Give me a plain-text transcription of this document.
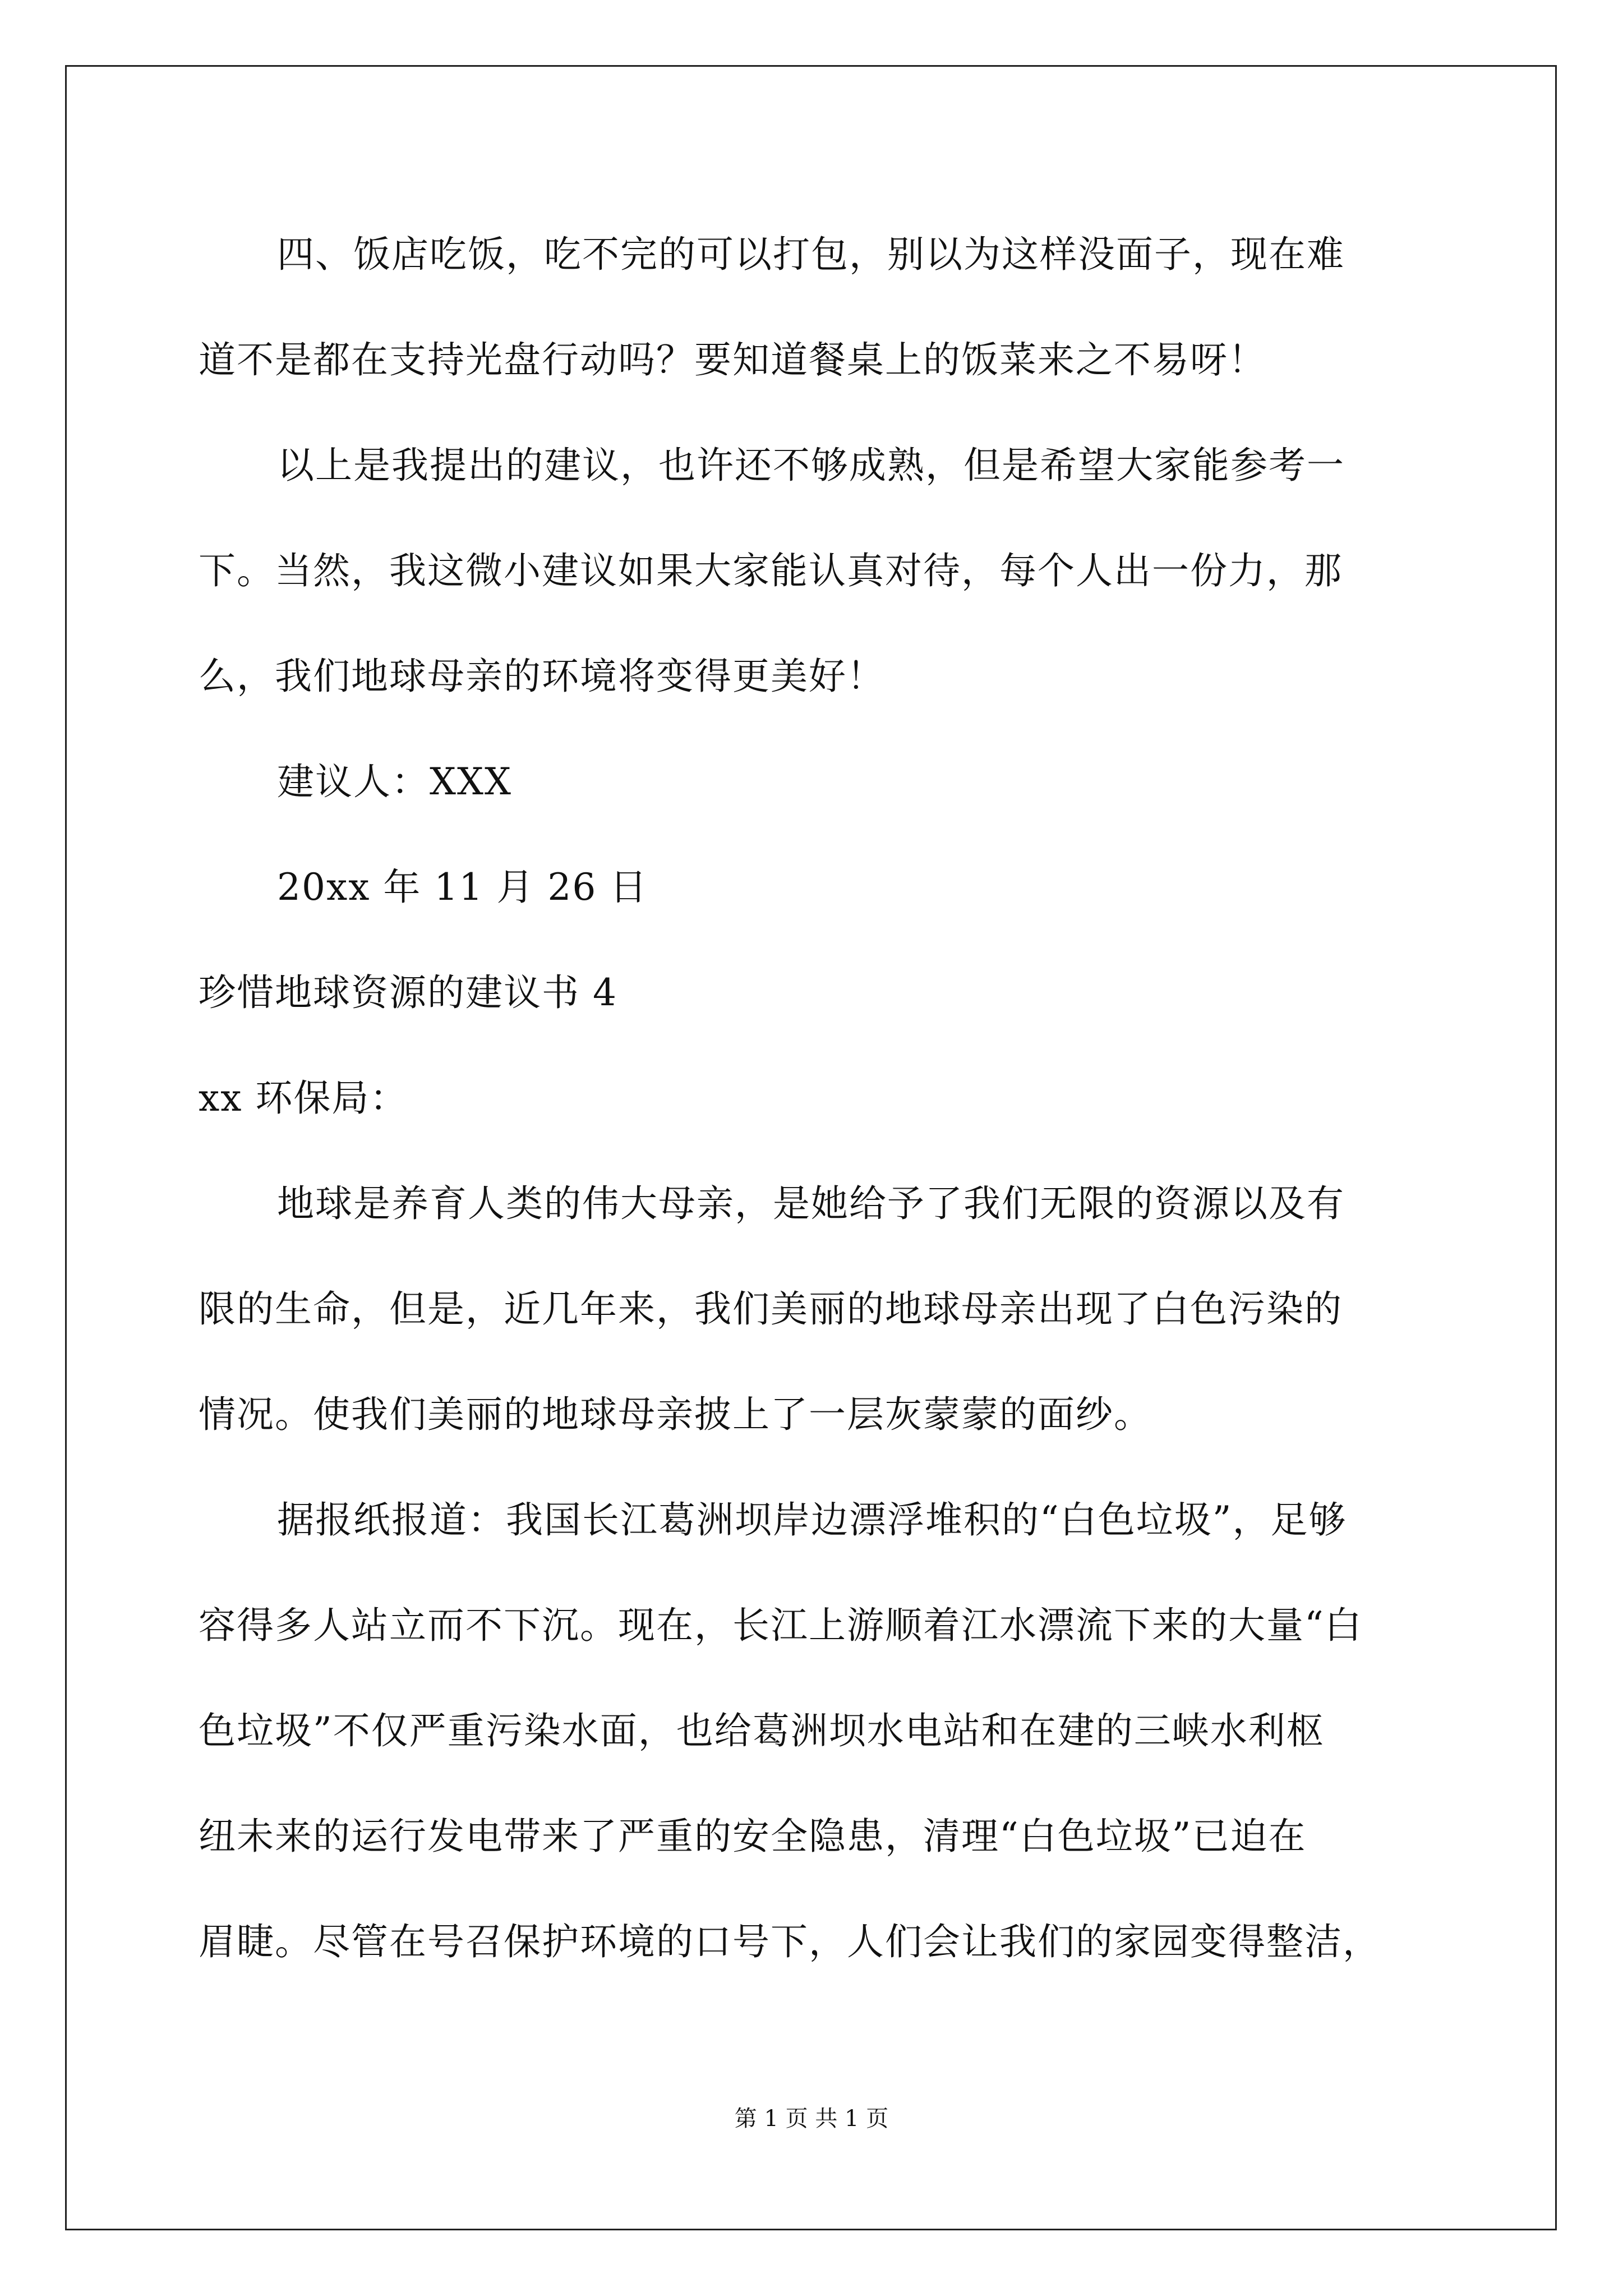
四、饭店吃饭，吃不完的可以打包，别以为这样没面子，现在难
道不是都在支持光盘行动吗？要知道餐桌上的饭菜来之不易呀！
以上是我提出的建议，也许还不够成熟，但是希望大家能参考一
下。当然，我这微小建议如果大家能认真对待，每个人出一份力，那
么，我们地球母亲的环境将变得更美好！
建议人：XXX
20xx 年 11 月 26 日
珍惜地球资源的建议书 4
xx 环保局：
地球是养育人类的伟大母亲，是她给予了我们无限的资源以及有
限的生命，但是，近几年来，我们美丽的地球母亲出现了白色污染的
情况。使我们美丽的地球母亲披上了一层灰蒙蒙的面纱。
据报纸报道：我国长江葛洲坝岸边漂浮堆积的“白色垃圾”，足够
容得多人站立而不下沉。现在，长江上游顺着江水漂流下来的大量“白
色垃圾”不仅严重污染水面，也给葛洲坝水电站和在建的三峡水利枢
纽未来的运行发电带来了严重的安全隐患，清理“白色垃圾”已迫在
眉睫。尽管在号召保护环境的口号下，人们会让我们的家园变得整洁，
第 1 页 共 1 页
